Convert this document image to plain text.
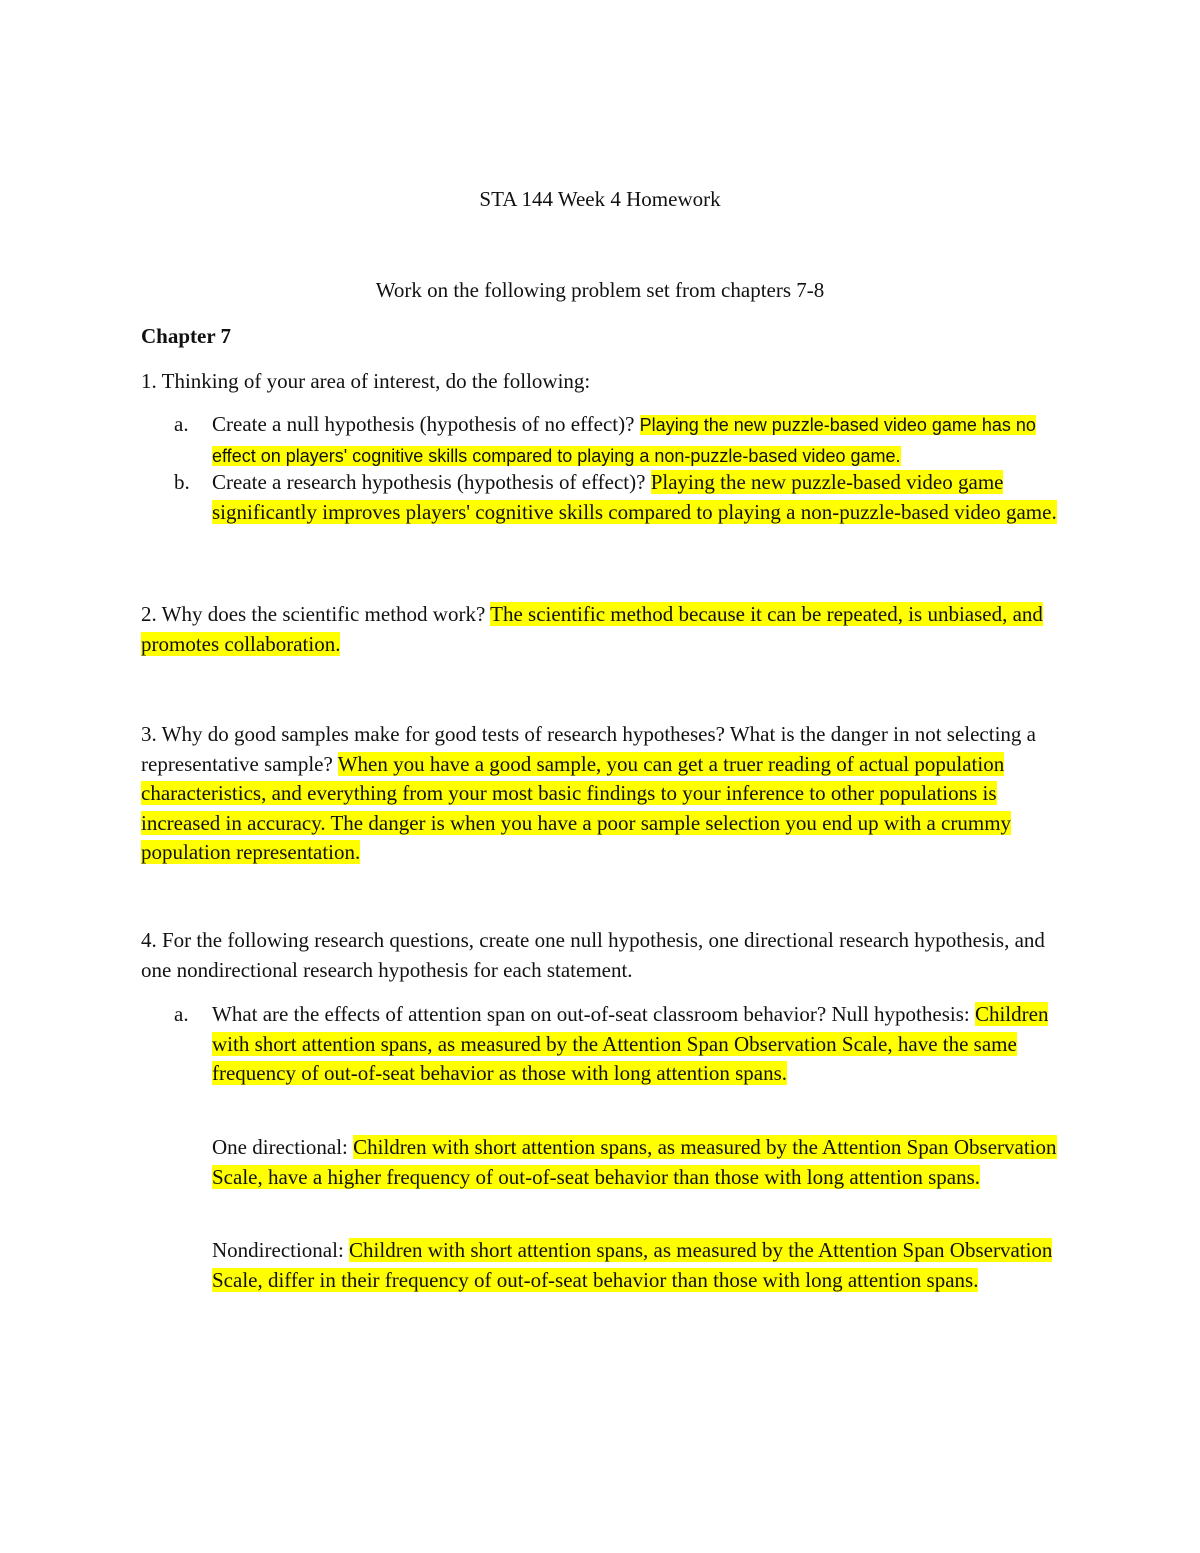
STA 144 Week 4 Homework
Work on the following problem set from chapters 7-8
Chapter 7
1. Thinking of your area of interest, do the following:
a. Create a null hypothesis (hypothesis of no effect)? Playing the new puzzle-based video game has no effect on players' cognitive skills compared to playing a non-puzzle-based video game.
b. Create a research hypothesis (hypothesis of effect)? Playing the new puzzle-based video game significantly improves players' cognitive skills compared to playing a non-puzzle-based video game.
2. Why does the scientific method work? The scientific method because it can be repeated, is unbiased, and promotes collaboration.
3. Why do good samples make for good tests of research hypotheses? What is the danger in not selecting a representative sample? When you have a good sample, you can get a truer reading of actual population characteristics, and everything from your most basic findings to your inference to other populations is increased in accuracy. The danger is when you have a poor sample selection you end up with a crummy population representation.
4. For the following research questions, create one null hypothesis, one directional research hypothesis, and one nondirectional research hypothesis for each statement.
a. What are the effects of attention span on out-of-seat classroom behavior? Null hypothesis: Children with short attention spans, as measured by the Attention Span Observation Scale, have the same frequency of out-of-seat behavior as those with long attention spans.
One directional: Children with short attention spans, as measured by the Attention Span Observation Scale, have a higher frequency of out-of-seat behavior than those with long attention spans.
Nondirectional: Children with short attention spans, as measured by the Attention Span Observation Scale, differ in their frequency of out-of-seat behavior than those with long attention spans.
